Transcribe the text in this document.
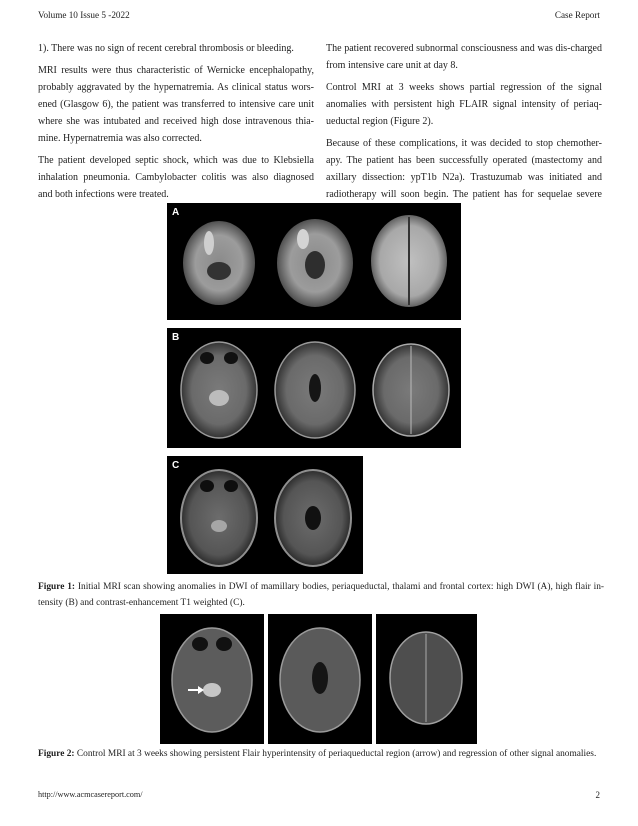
Volume 10 Issue 5 -2022	Case Report

1). There was no sign of recent cerebral thrombosis or bleeding.

MRI results were thus characteristic of Wernicke encephalopathy, probably aggravated by the hypernatremia. As clinical status wors-ened (Glasgow 6), the patient was transferred to intensive care unit where she was intubated and received high dose intravenous thia-mine. Hypernatremia was also corrected.

The patient developed septic shock, which was due to Klebsiella inhalation pneumonia. Cambylobacter colitis was also diagnosed and both infections were treated.

The patient recovered subnormal consciousness and was dis-charged from intensive care unit at day 8.

Control MRI at 3 weeks shows partial regression of the signal anomalies with persistent high FLAIR signal intensity of periaq-ueductal region (Figure 2).

Because of these complications, it was decided to stop chemother-apy. The patient has been successfully operated (mastectomy and axillary dissection: ypT1b N2a). Trastuzumab was initiated and radiotherapy will soon begin. The patient has for sequelae severe

A
B
C
Figure 1: Initial MRI scan showing anomalies in DWI of mamillary bodies, periaqueductal, thalami and frontal cortex: high DWI (A), high flair in-tensity (B) and contrast-enhancement T1 weighted (C).
Figure 2: Control MRI at 3 weeks showing persistent Flair hyperintensity of periaqueductal region (arrow) and regression of other signal anomalies.
http://www.acmcasereport.com/	2
